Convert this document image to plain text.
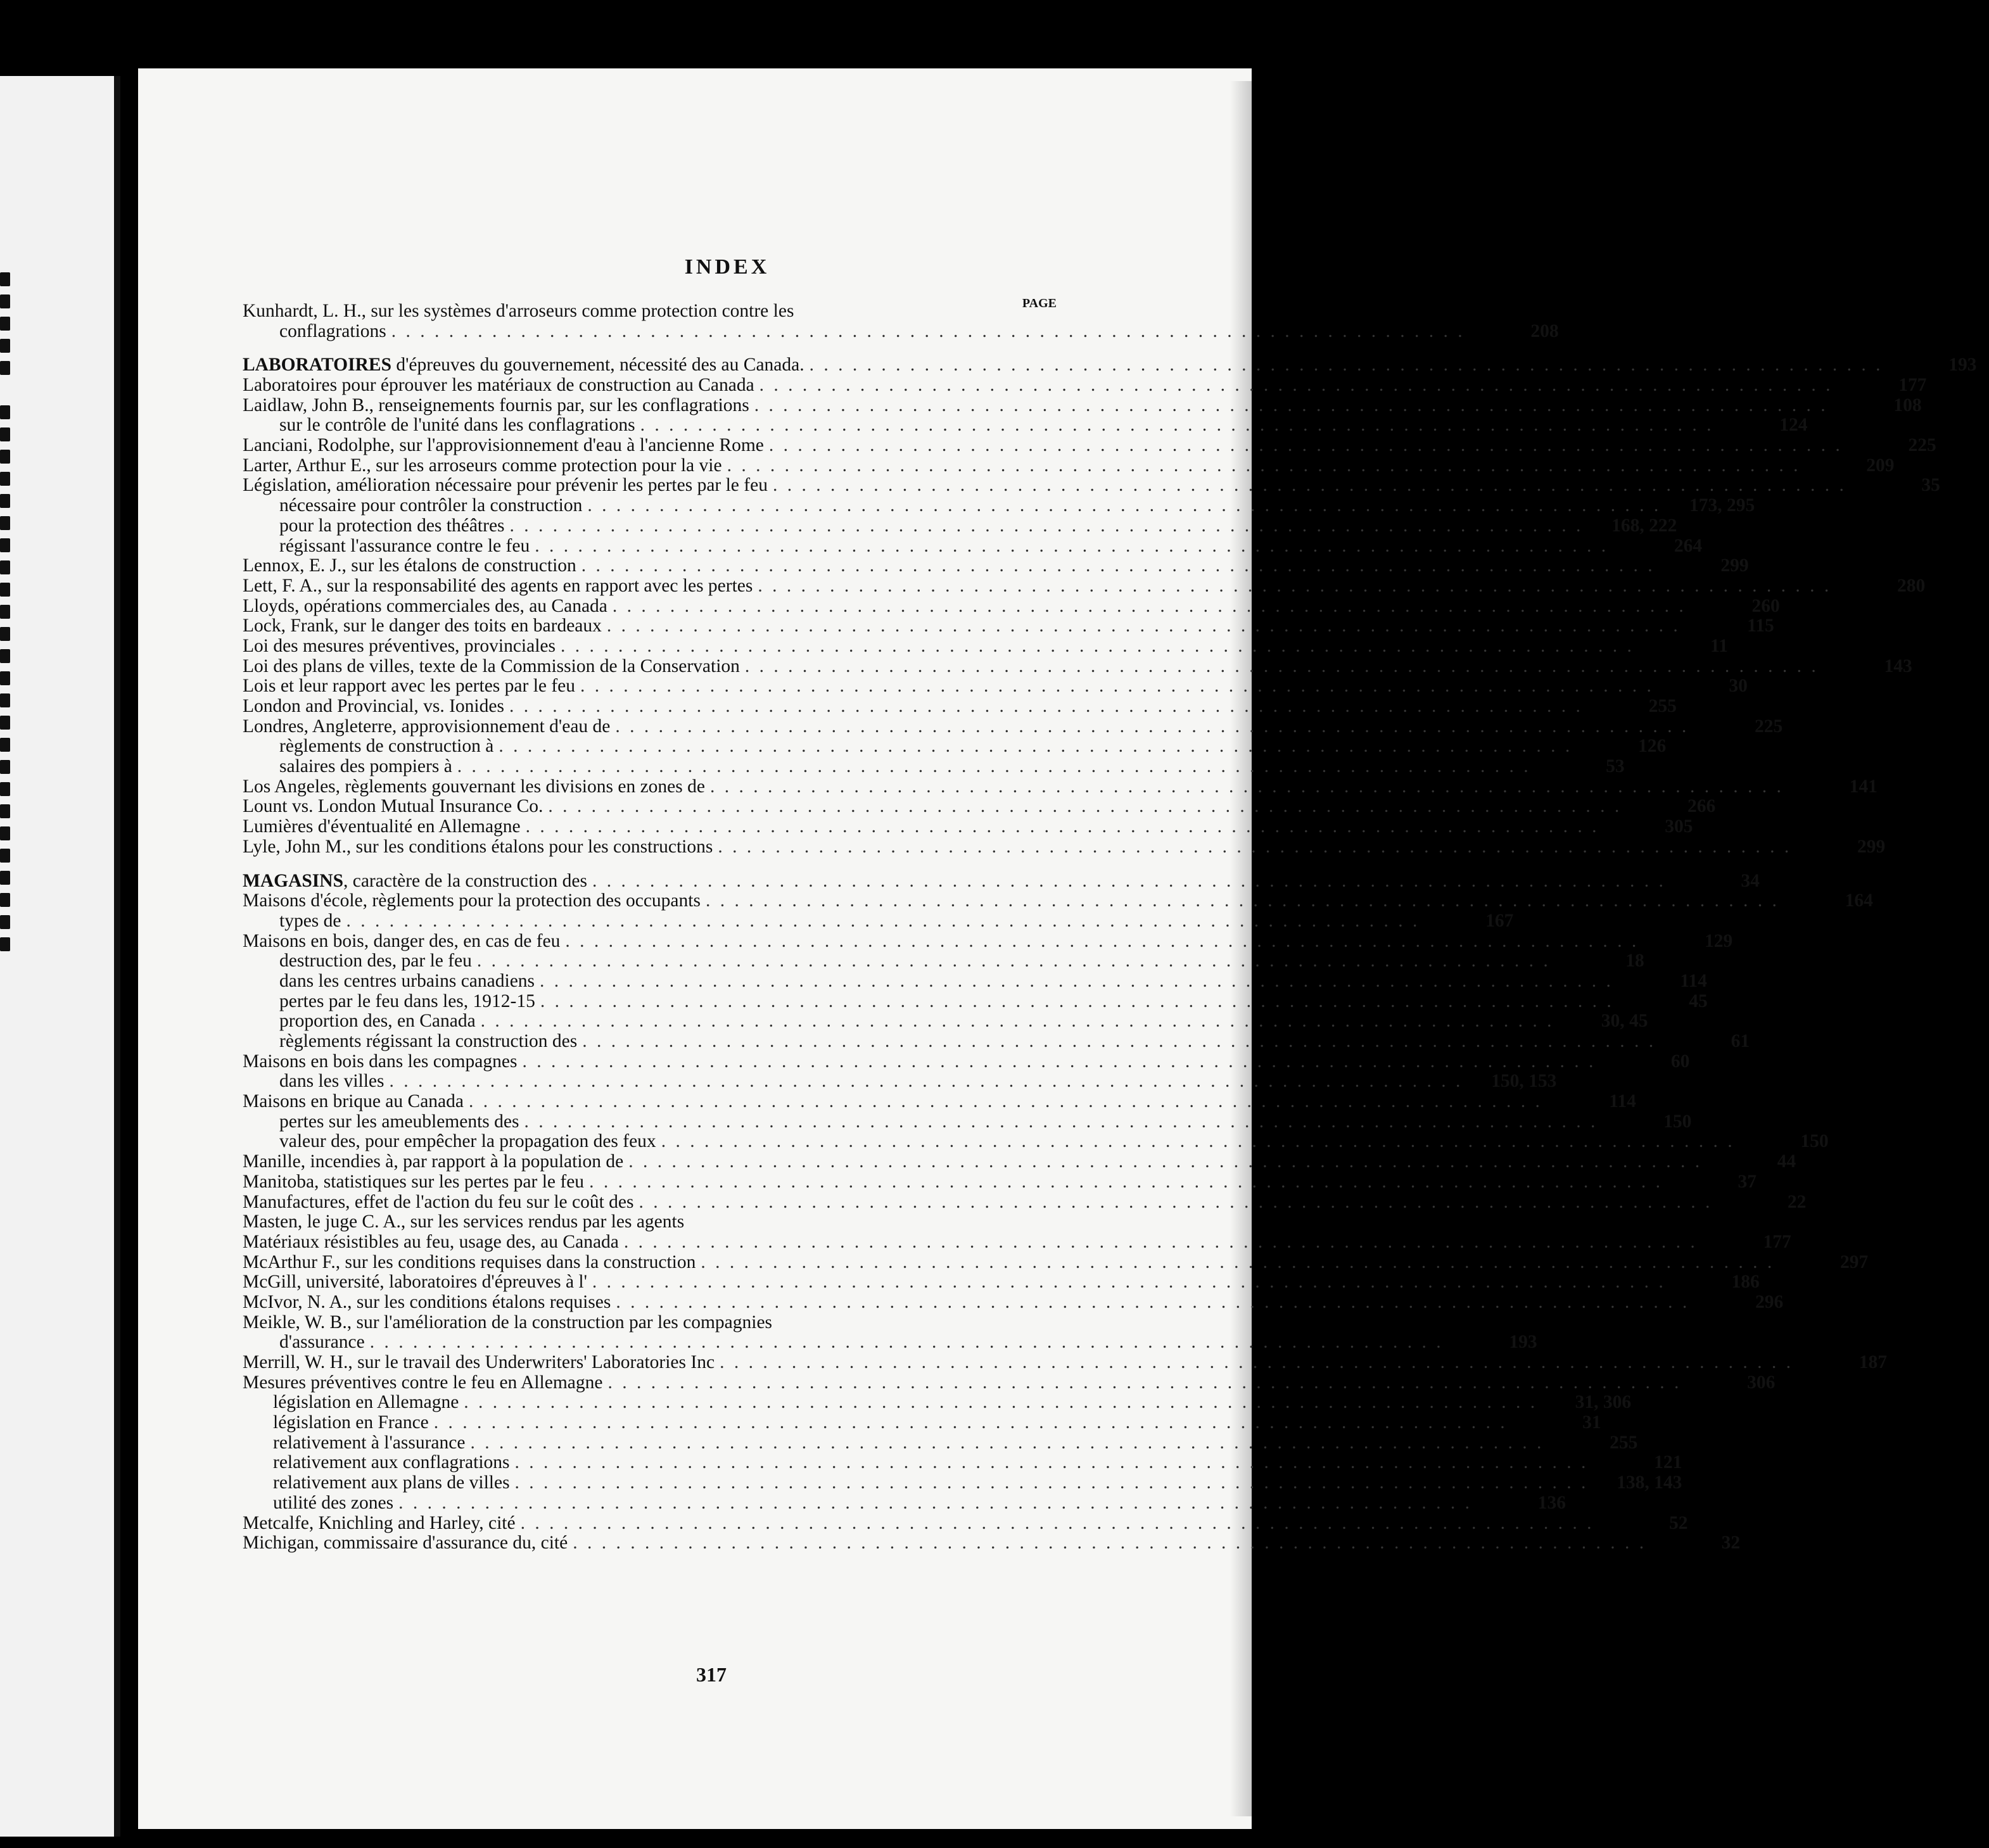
INDEX
PAGE
Kunhardt, L. H., sur les systèmes d'arroseurs comme protection contre les
conflagrations . . . . . . . . . . . . . . . . . . . . . . . . . . . . . . . . . . . . . . . . . . . . . . . . . . . . . . . . . . . . . . . . . . . . . . . . . . .	208
LABORATOIRES d'épreuves du gouvernement, nécessité des au Canada. . . . . . . . . . . . . . . . . . . . . . . . . . . . . . . . . . . . . . . . . . . . . . . . . . . . . . . . . . . . . . . . . . . . . . . . . . . .	193
Laboratoires pour éprouver les matériaux de construction au Canada . . . . . . . . . . . . . . . . . . . . . . . . . . . . . . . . . . . . . . . . . . . . . . . . . . . . . . . . . . . . . . . . . . . . . . . . . . .	177
Laidlaw, John B., renseignements fournis par, sur les conflagrations . . . . . . . . . . . . . . . . . . . . . . . . . . . . . . . . . . . . . . . . . . . . . . . . . . . . . . . . . . . . . . . . . . . . . . . . . . .	108
sur le contrôle de l'unité dans les conflagrations . . . . . . . . . . . . . . . . . . . . . . . . . . . . . . . . . . . . . . . . . . . . . . . . . . . . . . . . . . . . . . . . . . . . . . . . . . .	124
Lanciani, Rodolphe, sur l'approvisionnement d'eau à l'ancienne Rome . . . . . . . . . . . . . . . . . . . . . . . . . . . . . . . . . . . . . . . . . . . . . . . . . . . . . . . . . . . . . . . . . . . . . . . . . . .	225
Larter, Arthur E., sur les arroseurs comme protection pour la vie . . . . . . . . . . . . . . . . . . . . . . . . . . . . . . . . . . . . . . . . . . . . . . . . . . . . . . . . . . . . . . . . . . . . . . . . . . .	209
Législation, amélioration nécessaire pour prévenir les pertes par le feu . . . . . . . . . . . . . . . . . . . . . . . . . . . . . . . . . . . . . . . . . . . . . . . . . . . . . . . . . . . . . . . . . . . . . . . . . . .	35
nécessaire pour contrôler la construction . . . . . . . . . . . . . . . . . . . . . . . . . . . . . . . . . . . . . . . . . . . . . . . . . . . . . . . . . . . . . . . . . . . . . . . . . . .	173, 295
pour la protection des théâtres . . . . . . . . . . . . . . . . . . . . . . . . . . . . . . . . . . . . . . . . . . . . . . . . . . . . . . . . . . . . . . . . . . . . . . . . . . .	168, 222
régissant l'assurance contre le feu . . . . . . . . . . . . . . . . . . . . . . . . . . . . . . . . . . . . . . . . . . . . . . . . . . . . . . . . . . . . . . . . . . . . . . . . . . .	264
Lennox, E. J., sur les étalons de construction . . . . . . . . . . . . . . . . . . . . . . . . . . . . . . . . . . . . . . . . . . . . . . . . . . . . . . . . . . . . . . . . . . . . . . . . . . .	299
Lett, F. A., sur la responsabilité des agents en rapport avec les pertes . . . . . . . . . . . . . . . . . . . . . . . . . . . . . . . . . . . . . . . . . . . . . . . . . . . . . . . . . . . . . . . . . . . . . . . . . . .	280
Lloyds, opérations commerciales des, au Canada . . . . . . . . . . . . . . . . . . . . . . . . . . . . . . . . . . . . . . . . . . . . . . . . . . . . . . . . . . . . . . . . . . . . . . . . . . .	260
Lock, Frank, sur le danger des toits en bardeaux . . . . . . . . . . . . . . . . . . . . . . . . . . . . . . . . . . . . . . . . . . . . . . . . . . . . . . . . . . . . . . . . . . . . . . . . . . .	115
Loi des mesures préventives, provinciales . . . . . . . . . . . . . . . . . . . . . . . . . . . . . . . . . . . . . . . . . . . . . . . . . . . . . . . . . . . . . . . . . . . . . . . . . . .	11
Loi des plans de villes, texte de la Commission de la Conservation . . . . . . . . . . . . . . . . . . . . . . . . . . . . . . . . . . . . . . . . . . . . . . . . . . . . . . . . . . . . . . . . . . . . . . . . . . .	143
Lois et leur rapport avec les pertes par le feu . . . . . . . . . . . . . . . . . . . . . . . . . . . . . . . . . . . . . . . . . . . . . . . . . . . . . . . . . . . . . . . . . . . . . . . . . . .	30
London and Provincial, vs. Ionides . . . . . . . . . . . . . . . . . . . . . . . . . . . . . . . . . . . . . . . . . . . . . . . . . . . . . . . . . . . . . . . . . . . . . . . . . . .	255
Londres, Angleterre, approvisionnement d'eau de . . . . . . . . . . . . . . . . . . . . . . . . . . . . . . . . . . . . . . . . . . . . . . . . . . . . . . . . . . . . . . . . . . . . . . . . . . .	225
règlements de construction à . . . . . . . . . . . . . . . . . . . . . . . . . . . . . . . . . . . . . . . . . . . . . . . . . . . . . . . . . . . . . . . . . . . . . . . . . . .	126
salaires des pompiers à . . . . . . . . . . . . . . . . . . . . . . . . . . . . . . . . . . . . . . . . . . . . . . . . . . . . . . . . . . . . . . . . . . . . . . . . . . .	53
Los Angeles, règlements gouvernant les divisions en zones de . . . . . . . . . . . . . . . . . . . . . . . . . . . . . . . . . . . . . . . . . . . . . . . . . . . . . . . . . . . . . . . . . . . . . . . . . . .	141
Lount vs. London Mutual Insurance Co. . . . . . . . . . . . . . . . . . . . . . . . . . . . . . . . . . . . . . . . . . . . . . . . . . . . . . . . . . . . . . . . . . . . . . . . . . . .	266
Lumières d'éventualité en Allemagne . . . . . . . . . . . . . . . . . . . . . . . . . . . . . . . . . . . . . . . . . . . . . . . . . . . . . . . . . . . . . . . . . . . . . . . . . . .	305
Lyle, John M., sur les conditions étalons pour les constructions . . . . . . . . . . . . . . . . . . . . . . . . . . . . . . . . . . . . . . . . . . . . . . . . . . . . . . . . . . . . . . . . . . . . . . . . . . .	299
MAGASINS, caractère de la construction des . . . . . . . . . . . . . . . . . . . . . . . . . . . . . . . . . . . . . . . . . . . . . . . . . . . . . . . . . . . . . . . . . . . . . . . . . . .	34
Maisons d'école, règlements pour la protection des occupants . . . . . . . . . . . . . . . . . . . . . . . . . . . . . . . . . . . . . . . . . . . . . . . . . . . . . . . . . . . . . . . . . . . . . . . . . . .	164
types de . . . . . . . . . . . . . . . . . . . . . . . . . . . . . . . . . . . . . . . . . . . . . . . . . . . . . . . . . . . . . . . . . . . . . . . . . . .	167
Maisons en bois, danger des, en cas de feu . . . . . . . . . . . . . . . . . . . . . . . . . . . . . . . . . . . . . . . . . . . . . . . . . . . . . . . . . . . . . . . . . . . . . . . . . . .	129
destruction des, par le feu . . . . . . . . . . . . . . . . . . . . . . . . . . . . . . . . . . . . . . . . . . . . . . . . . . . . . . . . . . . . . . . . . . . . . . . . . . .	18
dans les centres urbains canadiens . . . . . . . . . . . . . . . . . . . . . . . . . . . . . . . . . . . . . . . . . . . . . . . . . . . . . . . . . . . . . . . . . . . . . . . . . . .	114
pertes par le feu dans les, 1912-15 . . . . . . . . . . . . . . . . . . . . . . . . . . . . . . . . . . . . . . . . . . . . . . . . . . . . . . . . . . . . . . . . . . . . . . . . . . .	45
proportion des, en Canada . . . . . . . . . . . . . . . . . . . . . . . . . . . . . . . . . . . . . . . . . . . . . . . . . . . . . . . . . . . . . . . . . . . . . . . . . . .	30, 45
règlements régissant la construction des . . . . . . . . . . . . . . . . . . . . . . . . . . . . . . . . . . . . . . . . . . . . . . . . . . . . . . . . . . . . . . . . . . . . . . . . . . .	61
Maisons en bois dans les compagnes . . . . . . . . . . . . . . . . . . . . . . . . . . . . . . . . . . . . . . . . . . . . . . . . . . . . . . . . . . . . . . . . . . . . . . . . . . .	60
dans les villes . . . . . . . . . . . . . . . . . . . . . . . . . . . . . . . . . . . . . . . . . . . . . . . . . . . . . . . . . . . . . . . . . . . . . . . . . . .	150, 153
Maisons en brique au Canada . . . . . . . . . . . . . . . . . . . . . . . . . . . . . . . . . . . . . . . . . . . . . . . . . . . . . . . . . . . . . . . . . . . . . . . . . . .	114
pertes sur les ameublements des . . . . . . . . . . . . . . . . . . . . . . . . . . . . . . . . . . . . . . . . . . . . . . . . . . . . . . . . . . . . . . . . . . . . . . . . . . .	150
valeur des, pour empêcher la propagation des feux . . . . . . . . . . . . . . . . . . . . . . . . . . . . . . . . . . . . . . . . . . . . . . . . . . . . . . . . . . . . . . . . . . . . . . . . . . .	150
Manille, incendies à, par rapport à la population de . . . . . . . . . . . . . . . . . . . . . . . . . . . . . . . . . . . . . . . . . . . . . . . . . . . . . . . . . . . . . . . . . . . . . . . . . . .	44
Manitoba, statistiques sur les pertes par le feu . . . . . . . . . . . . . . . . . . . . . . . . . . . . . . . . . . . . . . . . . . . . . . . . . . . . . . . . . . . . . . . . . . . . . . . . . . .	37
Manufactures, effet de l'action du feu sur le coût des . . . . . . . . . . . . . . . . . . . . . . . . . . . . . . . . . . . . . . . . . . . . . . . . . . . . . . . . . . . . . . . . . . . . . . . . . . .	22
Masten, le juge C. A., sur les services rendus par les agents
Matériaux résistibles au feu, usage des, au Canada . . . . . . . . . . . . . . . . . . . . . . . . . . . . . . . . . . . . . . . . . . . . . . . . . . . . . . . . . . . . . . . . . . . . . . . . . . .	177
McArthur F., sur les conditions requises dans la construction . . . . . . . . . . . . . . . . . . . . . . . . . . . . . . . . . . . . . . . . . . . . . . . . . . . . . . . . . . . . . . . . . . . . . . . . . . .	297
McGill, université, laboratoires d'épreuves à l' . . . . . . . . . . . . . . . . . . . . . . . . . . . . . . . . . . . . . . . . . . . . . . . . . . . . . . . . . . . . . . . . . . . . . . . . . . .	186
McIvor, N. A., sur les conditions étalons requises . . . . . . . . . . . . . . . . . . . . . . . . . . . . . . . . . . . . . . . . . . . . . . . . . . . . . . . . . . . . . . . . . . . . . . . . . . .	296
Meikle, W. B., sur l'amélioration de la construction par les compagnies
d'assurance . . . . . . . . . . . . . . . . . . . . . . . . . . . . . . . . . . . . . . . . . . . . . . . . . . . . . . . . . . . . . . . . . . . . . . . . . . .	193
Merrill, W. H., sur le travail des Underwriters' Laboratories Inc . . . . . . . . . . . . . . . . . . . . . . . . . . . . . . . . . . . . . . . . . . . . . . . . . . . . . . . . . . . . . . . . . . . . . . . . . . .	187
Mesures préventives contre le feu en Allemagne . . . . . . . . . . . . . . . . . . . . . . . . . . . . . . . . . . . . . . . . . . . . . . . . . . . . . . . . . . . . . . . . . . . . . . . . . . .	306
législation en Allemagne . . . . . . . . . . . . . . . . . . . . . . . . . . . . . . . . . . . . . . . . . . . . . . . . . . . . . . . . . . . . . . . . . . . . . . . . . . .	31, 306
législation en France . . . . . . . . . . . . . . . . . . . . . . . . . . . . . . . . . . . . . . . . . . . . . . . . . . . . . . . . . . . . . . . . . . . . . . . . . . .	31
relativement à l'assurance . . . . . . . . . . . . . . . . . . . . . . . . . . . . . . . . . . . . . . . . . . . . . . . . . . . . . . . . . . . . . . . . . . . . . . . . . . .	255
relativement aux conflagrations . . . . . . . . . . . . . . . . . . . . . . . . . . . . . . . . . . . . . . . . . . . . . . . . . . . . . . . . . . . . . . . . . . . . . . . . . . .	121
relativement aux plans de villes . . . . . . . . . . . . . . . . . . . . . . . . . . . . . . . . . . . . . . . . . . . . . . . . . . . . . . . . . . . . . . . . . . . . . . . . . . .	138, 143
utilité des zones . . . . . . . . . . . . . . . . . . . . . . . . . . . . . . . . . . . . . . . . . . . . . . . . . . . . . . . . . . . . . . . . . . . . . . . . . . .	136
Metcalfe, Knichling and Harley, cité . . . . . . . . . . . . . . . . . . . . . . . . . . . . . . . . . . . . . . . . . . . . . . . . . . . . . . . . . . . . . . . . . . . . . . . . . . .	52
Michigan, commissaire d'assurance du, cité . . . . . . . . . . . . . . . . . . . . . . . . . . . . . . . . . . . . . . . . . . . . . . . . . . . . . . . . . . . . . . . . . . . . . . . . . . .	32
317
